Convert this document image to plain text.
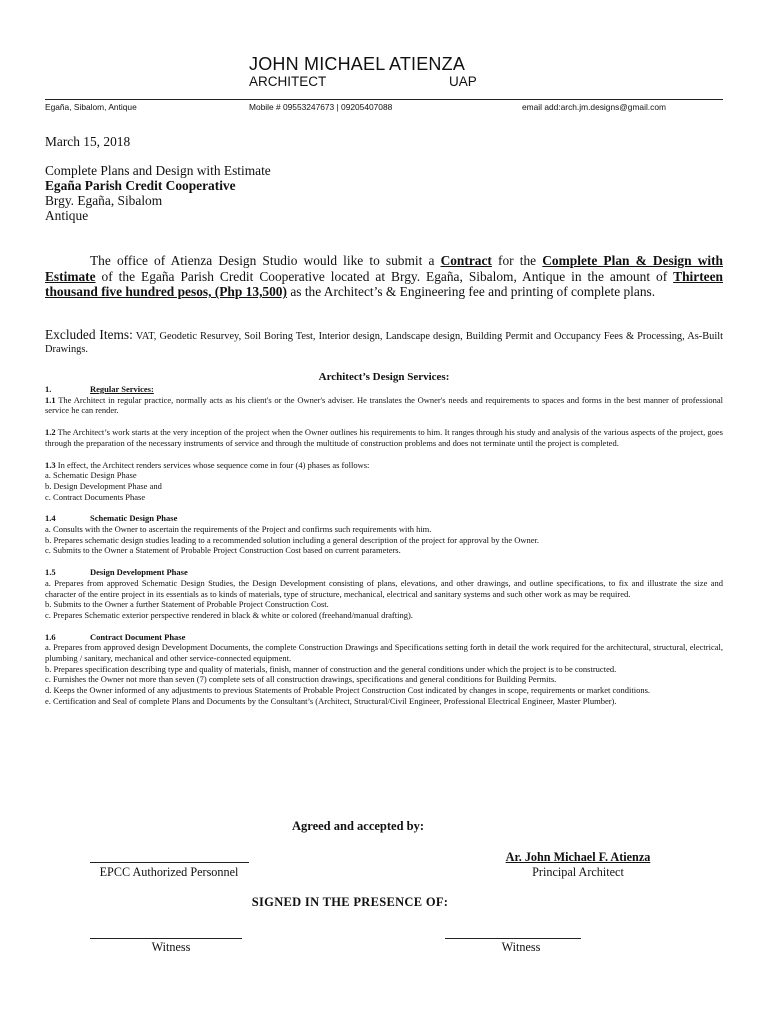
JOHN MICHAEL ATIENZA
ARCHITECT	UAP
Egaña, Sibalom, Antique	Mobile # 09553247673 | 09205407088	email add:arch.jm.designs@gmail.com
March 15, 2018
Complete Plans and Design with Estimate
Egaña Parish Credit Cooperative
Brgy. Egaña, Sibalom
Antique

The office of Atienza Design Studio would like to submit a Contract for the Complete Plan & Design with Estimate of the Egaña Parish Credit Cooperative located at Brgy. Egaña, Sibalom, Antique in the amount of Thirteen thousand five hundred pesos, (Php 13,500) as the Architect’s & Engineering fee and printing of complete plans.

Excluded Items: VAT, Geodetic Resurvey, Soil Boring Test, Interior design, Landscape design, Building Permit and Occupancy Fees & Processing, As-Built Drawings.
Architect’s Design Services:
1.	Regular Services:
1.1 The Architect in regular practice, normally acts as his client's or the Owner's adviser. He translates the Owner's needs and requirements to spaces and forms in the best manner of professional service he can render.
1.2 The Architect’s work starts at the very inception of the project when the Owner outlines his requirements to him. It ranges through his study and analysis of the various aspects of the project, goes through the preparation of the necessary instruments of service and through the multitude of construction problems and does not terminate until the project is completed.
1.3 In effect, the Architect renders services whose sequence come in four (4) phases as follows:
a. Schematic Design Phase
b. Design Development Phase and
c. Contract Documents Phase
1.4	Schematic Design Phase
a. Consults with the Owner to ascertain the requirements of the Project and confirms such requirements with him.
b. Prepares schematic design studies leading to a recommended solution including a general description of the project for approval by the Owner.
c. Submits to the Owner a Statement of Probable Project Construction Cost based on current parameters.
1.5	Design Development Phase
a. Prepares from approved Schematic Design Studies, the Design Development consisting of plans, elevations, and other drawings, and outline specifications, to fix and illustrate the size and character of the entire project in its essentials as to kinds of materials, type of structure, mechanical, electrical and sanitary systems and such other work as may be required.
b. Submits to the Owner a further Statement of Probable Project Construction Cost.
c. Prepares Schematic exterior perspective rendered in black & white or colored (freehand/manual drafting).
1.6	Contract Document Phase
a. Prepares from approved design Development Documents, the complete Construction Drawings and Specifications setting forth in detail the work required for the architectural, structural, electrical, plumbing / sanitary, mechanical and other service-connected equipment.
b. Prepares specification describing type and quality of materials, finish, manner of construction and the general conditions under which the project is to be constructed.
c. Furnishes the Owner not more than seven (7) complete sets of all construction drawings, specifications and general conditions for Building Permits.
d. Keeps the Owner informed of any adjustments to previous Statements of Probable Project Construction Cost indicated by changes in scope, requirements or market conditions.
e. Certification and Seal of complete Plans and Documents by the Consultant’s (Architect, Structural/Civil Engineer, Professional Electrical Engineer, Master Plumber).
Agreed and accepted by:
EPCC Authorized Personnel
Ar. John Michael F. Atienza
Principal Architect
SIGNED IN THE PRESENCE OF:
Witness	Witness
